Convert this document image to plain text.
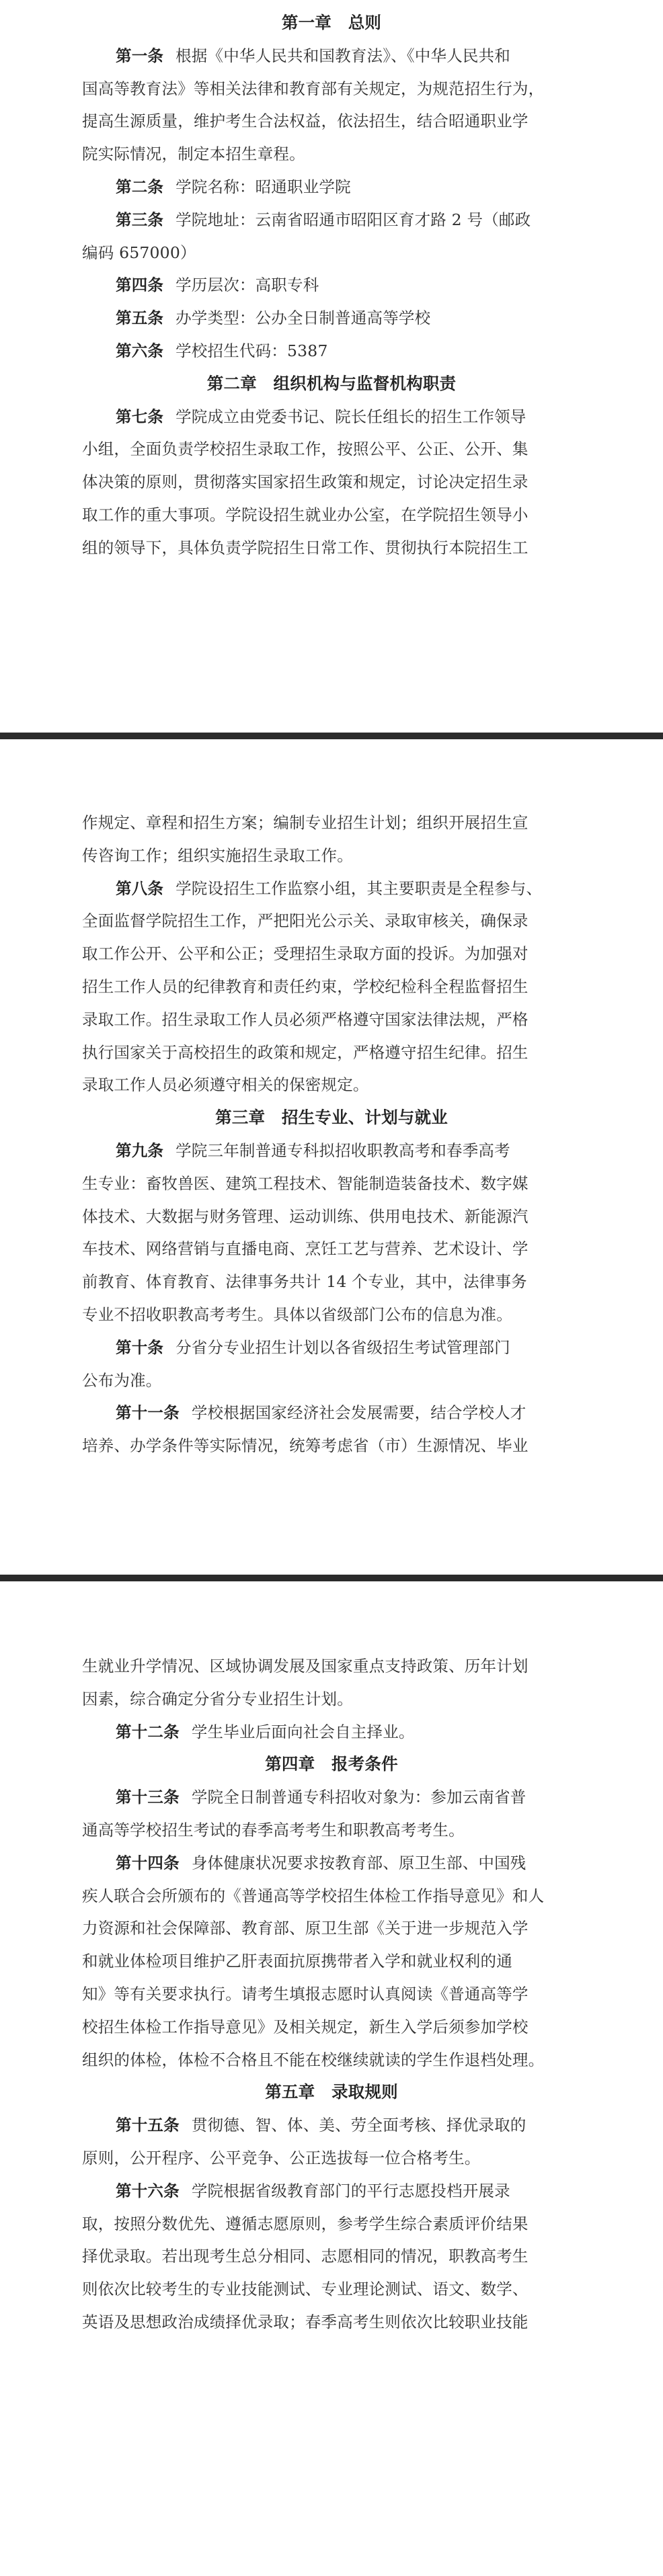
第一章　总则
第一条 根据《中华人民共和国教育法》、《中华人民共和
国高等教育法》等相关法律和教育部有关规定，为规范招生行为，
提高生源质量，维护考生合法权益，依法招生，结合昭通职业学
院实际情况，制定本招生章程。
第二条 学院名称：昭通职业学院
第三条 学院地址：云南省昭通市昭阳区育才路 2 号（邮政
编码 657000）
第四条 学历层次：高职专科
第五条 办学类型：公办全日制普通高等学校
第六条 学校招生代码：5387
第二章　组织机构与监督机构职责
第七条 学院成立由党委书记、院长任组长的招生工作领导
小组，全面负责学校招生录取工作，按照公平、公正、公开、集
体决策的原则，贯彻落实国家招生政策和规定，讨论决定招生录
取工作的重大事项。学院设招生就业办公室，在学院招生领导小
组的领导下，具体负责学院招生日常工作、贯彻执行本院招生工
作规定、章程和招生方案；编制专业招生计划；组织开展招生宣
传咨询工作；组织实施招生录取工作。
第八条 学院设招生工作监察小组，其主要职责是全程参与、
全面监督学院招生工作，严把阳光公示关、录取审核关，确保录
取工作公开、公平和公正；受理招生录取方面的投诉。为加强对
招生工作人员的纪律教育和责任约束，学校纪检科全程监督招生
录取工作。招生录取工作人员必须严格遵守国家法律法规，严格
执行国家关于高校招生的政策和规定，严格遵守招生纪律。招生
录取工作人员必须遵守相关的保密规定。
第三章　招生专业、计划与就业
第九条 学院三年制普通专科拟招收职教高考和春季高考
生专业：畜牧兽医、建筑工程技术、智能制造装备技术、数字媒
体技术、大数据与财务管理、运动训练、供用电技术、新能源汽
车技术、网络营销与直播电商、烹饪工艺与营养、艺术设计、学
前教育、体育教育、法律事务共计 14 个专业，其中，法律事务
专业不招收职教高考考生。具体以省级部门公布的信息为准。
第十条 分省分专业招生计划以各省级招生考试管理部门
公布为准。
第十一条 学校根据国家经济社会发展需要，结合学校人才
培养、办学条件等实际情况，统筹考虑省（市）生源情况、毕业
生就业升学情况、区域协调发展及国家重点支持政策、历年计划
因素，综合确定分省分专业招生计划。
第十二条 学生毕业后面向社会自主择业。
第四章　报考条件
第十三条 学院全日制普通专科招收对象为：参加云南省普
通高等学校招生考试的春季高考考生和职教高考考生。
第十四条 身体健康状况要求按教育部、原卫生部、中国残
疾人联合会所颁布的《普通高等学校招生体检工作指导意见》和人
力资源和社会保障部、教育部、原卫生部《关于进一步规范入学
和就业体检项目维护乙肝表面抗原携带者入学和就业权利的通
知》等有关要求执行。请考生填报志愿时认真阅读《普通高等学
校招生体检工作指导意见》及相关规定，新生入学后须参加学校
组织的体检，体检不合格且不能在校继续就读的学生作退档处理。
第五章　录取规则
第十五条 贯彻德、智、体、美、劳全面考核、择优录取的
原则，公开程序、公平竞争、公正选拔每一位合格考生。
第十六条 学院根据省级教育部门的平行志愿投档开展录
取，按照分数优先、遵循志愿原则，参考学生综合素质评价结果
择优录取。若出现考生总分相同、志愿相同的情况，职教高考生
则依次比较考生的专业技能测试、专业理论测试、语文、数学、
英语及思想政治成绩择优录取；春季高考生则依次比较职业技能
